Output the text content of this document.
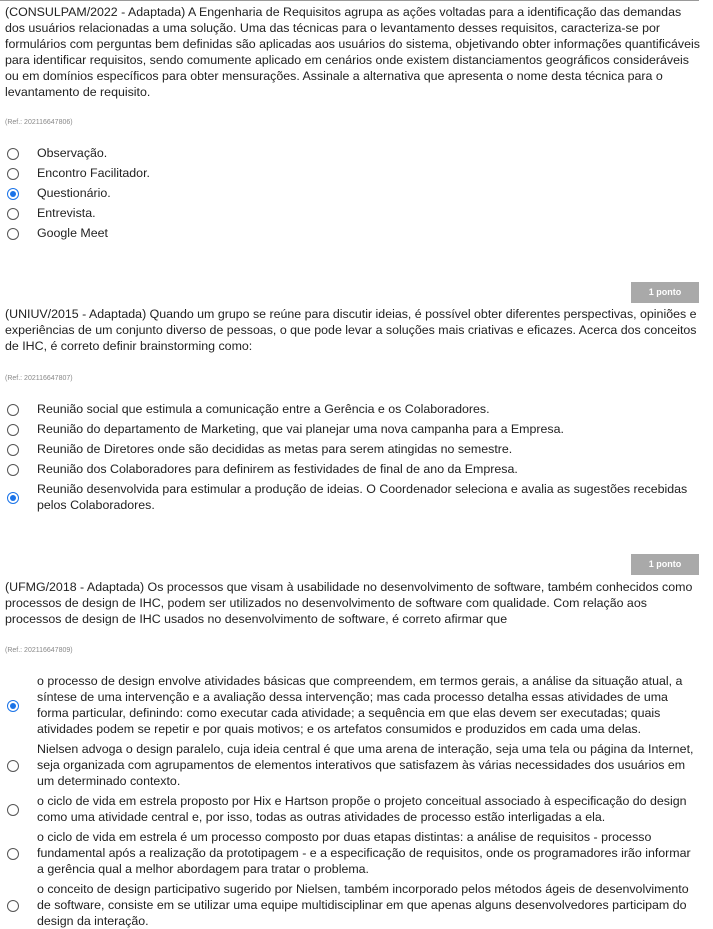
(CONSULPAM/2022 - Adaptada) A Engenharia de Requisitos agrupa as ações voltadas para a identificação das demandas dos usuários relacionadas a uma solução. Uma das técnicas para o levantamento desses requisitos, caracteriza-se por formulários com perguntas bem definidas são aplicadas aos usuários do sistema, objetivando obter informações quantificáveis para identificar requisitos, sendo comumente aplicado em cenários onde existem distanciamentos geográficos consideráveis ou em domínios específicos para obter mensurações. Assinale a alternativa que apresenta o nome desta técnica para o levantamento de requisito.

(Ref.: 202116647806)
Observação.
Encontro Facilitador.
Questionário.
Entrevista.
Google Meet
1 ponto

(UNIUV/2015 - Adaptada) Quando um grupo se reúne para discutir ideias, é possível obter diferentes perspectivas, opiniões e experiências de um conjunto diverso de pessoas, o que pode levar a soluções mais criativas e eficazes. Acerca dos conceitos de IHC, é correto definir brainstorming como:

(Ref.: 202116647807)
Reunião social que estimula a comunicação entre a Gerência e os Colaboradores.
Reunião do departamento de Marketing, que vai planejar uma nova campanha para a Empresa.
Reunião de Diretores onde são decididas as metas para serem atingidas no semestre.
Reunião dos Colaboradores para definirem as festividades de final de ano da Empresa.
Reunião desenvolvida para estimular a produção de ideias. O Coordenador seleciona e avalia as sugestões recebidas pelos Colaboradores.
1 ponto

(UFMG/2018 - Adaptada) Os processos que visam à usabilidade no desenvolvimento de software, também conhecidos como processos de design de IHC, podem ser utilizados no desenvolvimento de software com qualidade. Com relação aos processos de design de IHC usados no desenvolvimento de software, é correto afirmar que

(Ref.: 202116647809)
o processo de design envolve atividades básicas que compreendem, em termos gerais, a análise da situação atual, a síntese de uma intervenção e a avaliação dessa intervenção; mas cada processo detalha essas atividades de uma forma particular, definindo: como executar cada atividade; a sequência em que elas devem ser executadas; quais atividades podem se repetir e por quais motivos; e os artefatos consumidos e produzidos em cada uma delas.
Nielsen advoga o design paralelo, cuja ideia central é que uma arena de interação, seja uma tela ou página da Internet, seja organizada com agrupamentos de elementos interativos que satisfazem às várias necessidades dos usuários em um determinado contexto.
o ciclo de vida em estrela proposto por Hix e Hartson propõe o projeto conceitual associado à especificação do design como uma atividade central e, por isso, todas as outras atividades de processo estão interligadas a ela.
o ciclo de vida em estrela é um processo composto por duas etapas distintas: a análise de requisitos - processo fundamental após a realização da prototipagem - e a especificação de requisitos, onde os programadores irão informar a gerência qual a melhor abordagem para tratar o problema.
o conceito de design participativo sugerido por Nielsen, também incorporado pelos métodos ágeis de desenvolvimento de software, consiste em se utilizar uma equipe multidisciplinar em que apenas alguns desenvolvedores participam do design da interação.
